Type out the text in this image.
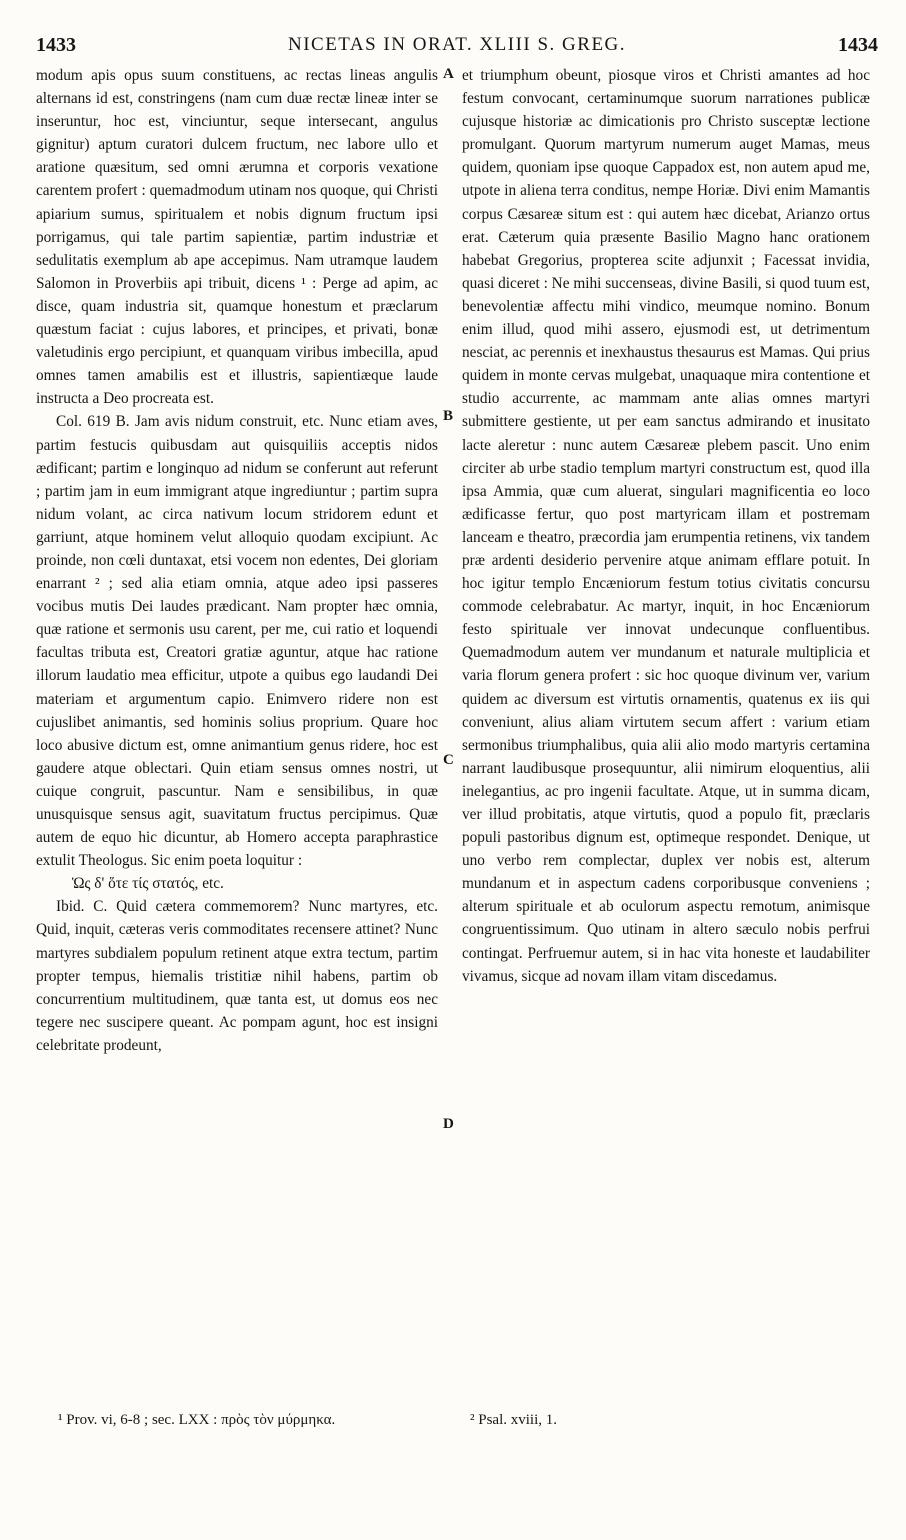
1433	NICETAS IN ORAT. XLIII S. GREG.	1434

modum apis opus suum constituens, ac rectas lineas angulis alternans id est, constringens (nam cum duæ rectæ lineæ inter se inseruntur, hoc est, vinciuntur, seque intersecant, angulus gignitur) aptum curatori dulcem fructum, nec labore ullo et aratione quæsitum, sed omni ærumna et corporis vexatione carentem profert : quemadmodum utinam nos quoque, qui Christi apiarium sumus, spiritualem et nobis dignum fructum ipsi porrigamus, qui tale partim sapientiæ, partim industriæ et sedulitatis exemplum ab ape accepimus. Nam utramque laudem Salomon in Proverbiis api tribuit, dicens ¹ : Perge ad apim, ac disce, quam industria sit, quamque honestum et præclarum quæstum faciat : cujus labores, et principes, et privati, bonæ valetudinis ergo percipiunt, et quanquam viribus imbecilla, apud omnes tamen amabilis est et illustris, sapientiæque laude instructa a Deo procreata est.

Col. 619 B. Jam avis nidum construit, etc. Nunc etiam aves, partim festucis quibusdam aut quisquiliis acceptis nidos ædificant; partim e longinquo ad nidum se conferunt aut referunt ; partim jam in eum immigrant atque ingrediuntur ; partim supra nidum volant, ac circa nativum locum stridorem edunt et garriunt, atque hominem velut alloquio quodam excipiunt. Ac proinde, non cœli duntaxat, etsi vocem non edentes, Dei gloriam enarrant ² ; sed alia etiam omnia, atque adeo ipsi passeres vocibus mutis Dei laudes prædicant. Nam propter hæc omnia, quæ ratione et sermonis usu carent, per me, cui ratio et loquendi facultas tributa est, Creatori gratiæ aguntur, atque hac ratione illorum laudatio mea efficitur, utpote a quibus ego laudandi Dei materiam et argumentum capio. Enimvero ridere non est cujuslibet animantis, sed hominis solius proprium. Quare hoc loco abusive dictum est, omne animantium genus ridere, hoc est gaudere atque oblectari. Quin etiam sensus omnes nostri, ut cuique congruit, pascuntur. Nam e sensibilibus, in quæ unusquisque sensus agit, suavitatum fructus percipimus. Quæ autem de equo hic dicuntur, ab Homero accepta paraphrastice extulit Theologus. Sic enim poeta loquitur :

Ὡς δ' ὅτε τίς στατός, etc.

Ibid. C. Quid cætera commemorem? Nunc martyres, etc. Quid, inquit, cæteras veris commoditates recensere attinet? Nunc martyres subdialem populum retinent atque extra tectum, partim propter tempus, hiemalis tristitiæ nihil habens, partim ob concurrentium multitudinem, quæ tanta est, ut domus eos nec tegere nec suscipere queant. Ac pompam agunt, hoc est insigni celebritate prodeunt,

A
B
C
D

et triumphum obeunt, piosque viros et Christi amantes ad hoc festum convocant, certaminumque suorum narrationes publicæ cujusque historiæ ac dimicationis pro Christo susceptæ lectione promulgant. Quorum martyrum numerum auget Mamas, meus quidem, quoniam ipse quoque Cappadox est, non autem apud me, utpote in aliena terra conditus, nempe Horiæ. Divi enim Mamantis corpus Cæsareæ situm est : qui autem hæc dicebat, Arianzo ortus erat. Cæterum quia præsente Basilio Magno hanc orationem habebat Gregorius, propterea scite adjunxit ; Facessat invidia, quasi diceret : Ne mihi succenseas, divine Basili, si quod tuum est, benevolentiæ affectu mihi vindico, meumque nomino. Bonum enim illud, quod mihi assero, ejusmodi est, ut detrimentum nesciat, ac perennis et inexhaustus thesaurus est Mamas. Qui prius quidem in monte cervas mulgebat, unaquaque mira contentione et studio accurrente, ac mammam ante alias omnes martyri submittere gestiente, ut per eam sanctus admirando et inusitato lacte aleretur : nunc autem Cæsareæ plebem pascit. Uno enim circiter ab urbe stadio templum martyri constructum est, quod illa ipsa Ammia, quæ cum aluerat, singulari magnificentia eo loco ædificasse fertur, quo post martyricam illam et postremam lanceam e theatro, præcordia jam erumpentia retinens, vix tandem præ ardenti desiderio pervenire atque animam efflare potuit. In hoc igitur templo Encæniorum festum totius civitatis concursu commode celebrabatur. Ac martyr, inquit, in hoc Encæniorum festo spirituale ver innovat undecunque confluentibus. Quemadmodum autem ver mundanum et naturale multiplicia et varia florum genera profert : sic hoc quoque divinum ver, varium quidem ac diversum est virtutis ornamentis, quatenus ex iis qui conveniunt, alius aliam virtutem secum affert : varium etiam sermonibus triumphalibus, quia alii alio modo martyris certamina narrant laudibusque prosequuntur, alii nimirum eloquentius, alii inelegantius, ac pro ingenii facultate. Atque, ut in summa dicam, ver illud probitatis, atque virtutis, quod a populo fit, præclaris populi pastoribus dignum est, optimeque respondet. Denique, ut uno verbo rem complectar, duplex ver nobis est, alterum mundanum et in aspectum cadens corporibusque conveniens ; alterum spirituale et ab oculorum aspectu remotum, animisque congruentissimum. Quo utinam in altero sæculo nobis perfrui contingat. Perfruemur autem, si in hac vita honeste et laudabiliter vivamus, sicque ad novam illam vitam discedamus.

¹ Prov. vi, 6-8 ; sec. LXX : πρὸς τὸν μύρμηκα.	² Psal. xviii, 1.
